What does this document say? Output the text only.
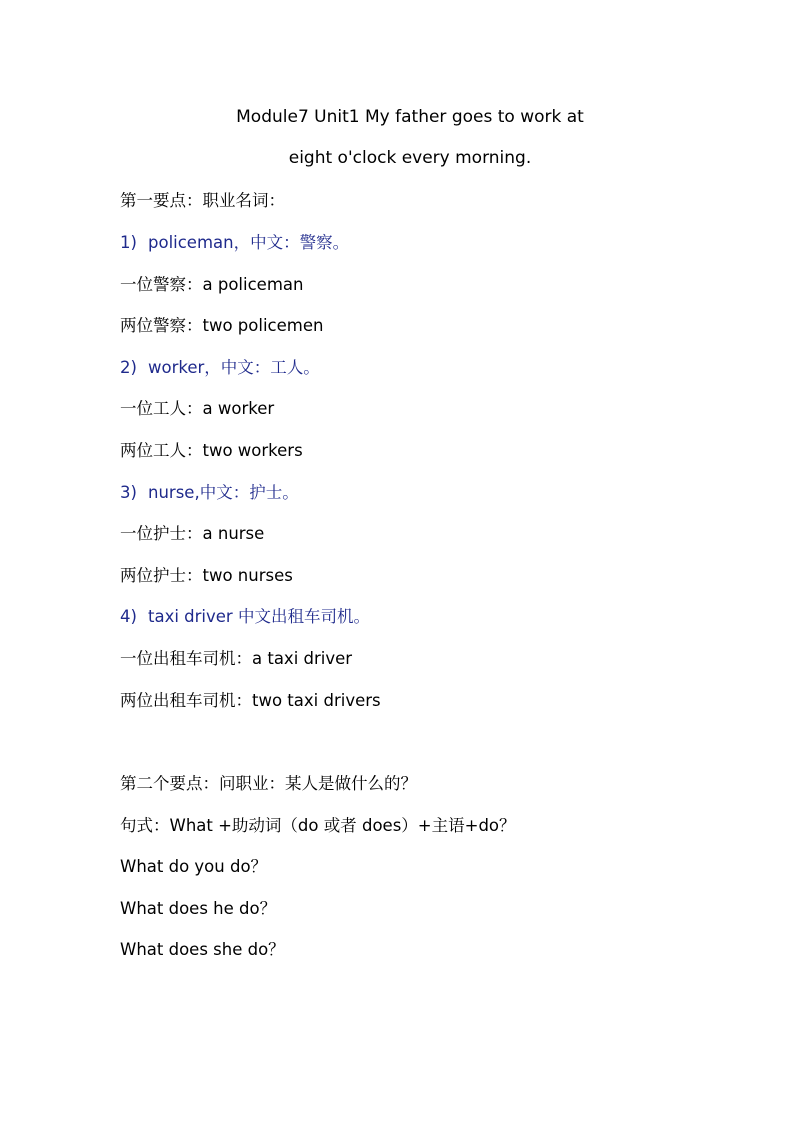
Module7 Unit1 My father goes to work at
eight o'clock every morning.
第一要点：职业名词：
1) policeman，中文：警察。
一位警察：a policeman
两位警察：two policemen
2) worker，中文：工人。
一位工人：a worker
两位工人：two workers
3) nurse,中文：护士。
一位护士：a nurse
两位护士：two nurses
4) taxi driver 中文出租车司机。
一位出租车司机：a taxi driver
两位出租车司机：two taxi drivers
第二个要点：问职业：某人是做什么的？
句式：What +助动词（do 或者 does）+主语+do？
What do you do？
What does he do？
What does she do？
